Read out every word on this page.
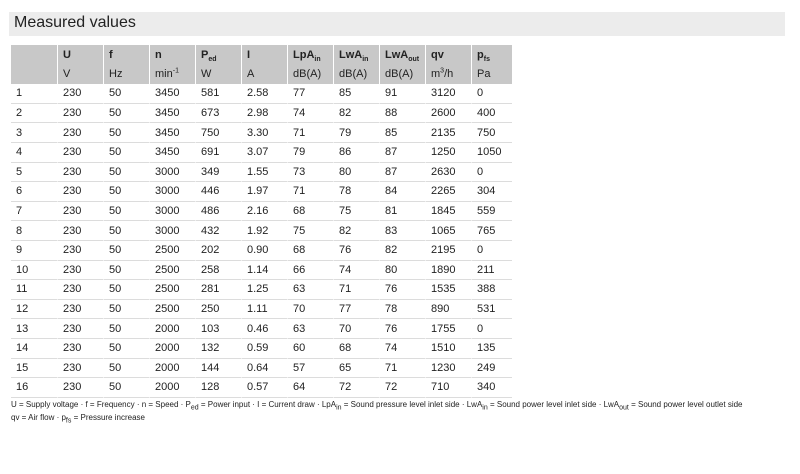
Measured values
	U	f	n	$P_{ed}$	I	LpA$_{in}$	LwA$_{in}$	LwA$_{out}$	qv	$p_{fs}$
	V	Hz	$\min^{-1}$	W	A	dB(A)	dB(A)	dB(A)	$m^3/h$	Pa
1	230	50	3450	581	2.58	77	85	91	3120	0
2	230	50	3450	673	2.98	74	82	88	2600	400
3	230	50	3450	750	3.30	71	79	85	2135	750
4	230	50	3450	691	3.07	79	86	87	1250	1050
5	230	50	3000	349	1.55	73	80	87	2630	0
6	230	50	3000	446	1.97	71	78	84	2265	304
7	230	50	3000	486	2.16	68	75	81	1845	559
8	230	50	3000	432	1.92	75	82	83	1065	765
9	230	50	2500	202	0.90	68	76	82	2195	0
10	230	50	2500	258	1.14	66	74	80	1890	211
11	230	50	2500	281	1.25	63	71	76	1535	388
12	230	50	2500	250	1.11	70	77	78	890	531
13	230	50	2000	103	0.46	63	70	76	1755	0
14	230	50	2000	132	0.59	60	68	74	1510	135
15	230	50	2000	144	0.64	57	65	71	1230	249
16	230	50	2000	128	0.57	64	72	72	710	340
U = Supply voltage · f = Frequency · n = Speed · $P_{ed}$ = Power input · I = Current draw · LpA$_{in}$ = Sound pressure level inlet side · LwA$_{in}$ = Sound power level inlet side · LwA$_{out}$ = Sound power level outlet side
qv = Air flow · $p_{fs}$ = Pressure increase
